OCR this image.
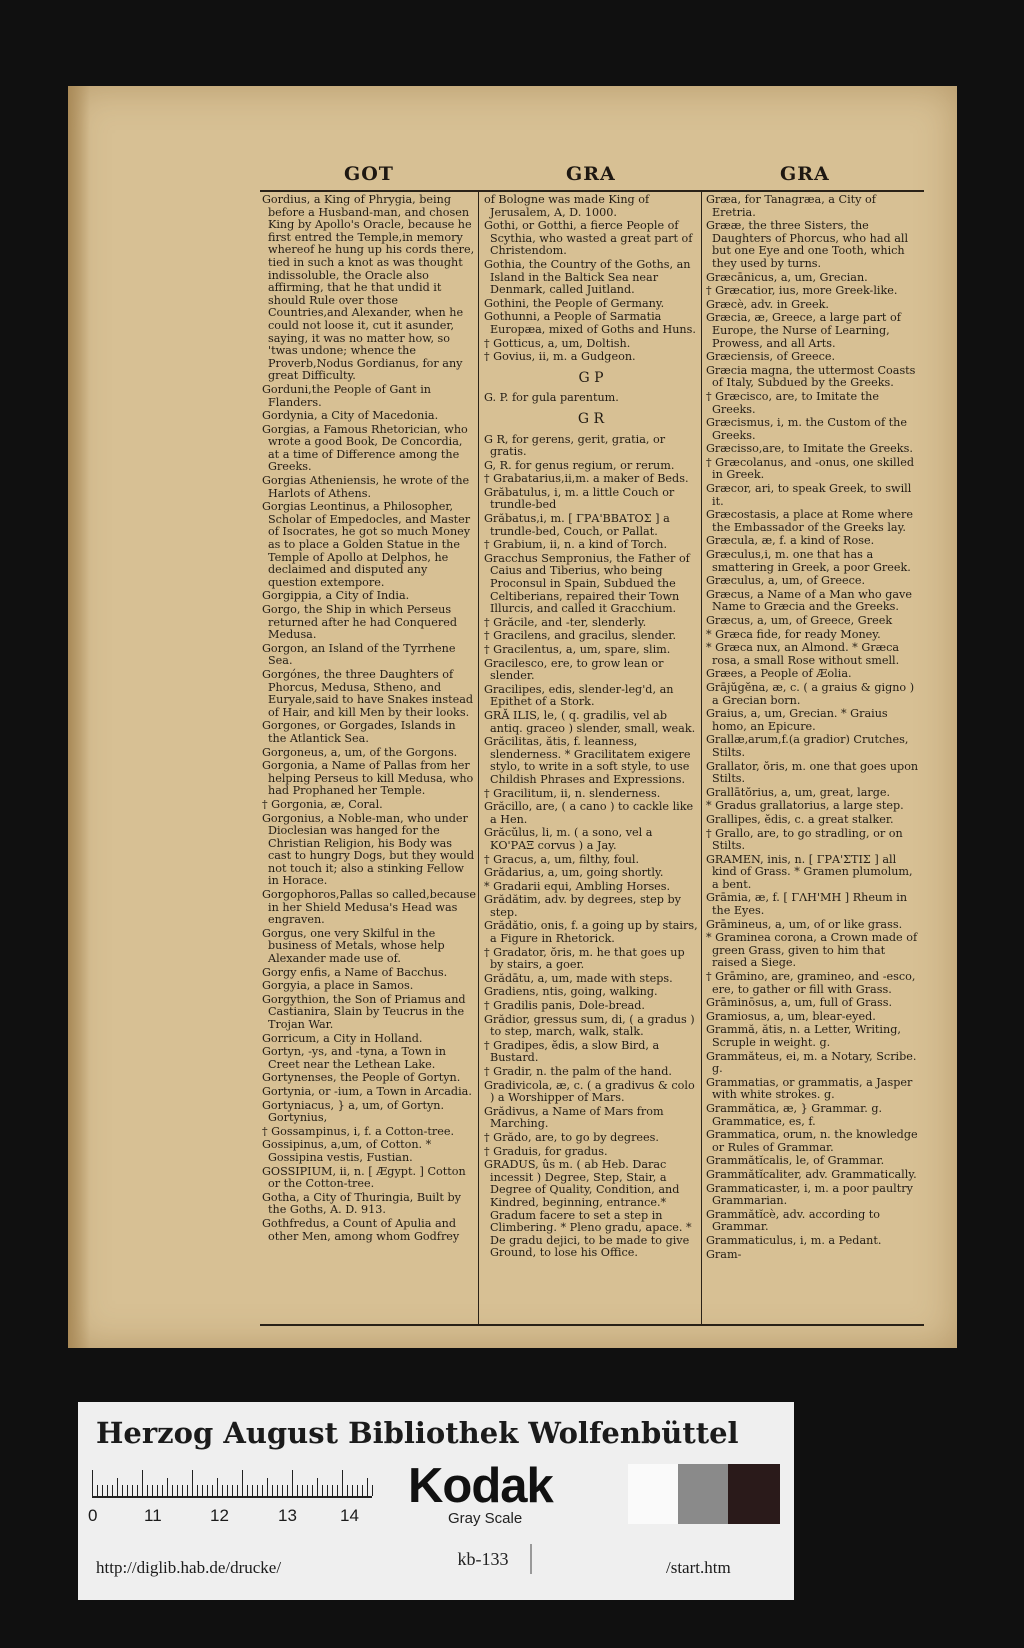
GOT	GRA	GRA

Gordius, a King of Phrygia, being before a Husband-man, and chosen King by Apollo's Oracle, because he first entred the Temple,in memory whereof he hung up his cords there, tied in such a knot as was thought indissoluble, the Oracle also affirming, that he that undid it should Rule over those Countries,and Alexander, when he could not loose it, cut it asunder, saying, it was no matter how, so 'twas undone; whence the Proverb,Nodus Gordianus, for any great Difficulty.

Gorduni,the People of Gant in Flanders.

Gordynia, a City of Macedonia.

Gorgias, a Famous Rhetorician, who wrote a good Book, De Concordia, at a time of Difference among the Greeks.

Gorgias Atheniensis, he wrote of the Harlots of Athens.

Gorgias Leontinus, a Philosopher, Scholar of Empedocles, and Master of Isocrates, he got so much Money as to place a Golden Statue in the Temple of Apollo at Delphos, he declaimed and disputed any question extempore.

Gorgippia, a City of India.

Gorgo, the Ship in which Perseus returned after he had Conquered Medusa.

Gorgon, an Island of the Tyrrhene Sea.

Gorgónes, the three Daughters of Phorcus, Medusa, Stheno, and Euryale,said to have Snakes instead of Hair, and kill Men by their looks.

Gorgones, or Gorgades, Islands in the Atlantick Sea.

Gorgoneus, a, um, of the Gorgons.

Gorgonia, a Name of Pallas from her helping Perseus to kill Medusa, who had Prophaned her Temple.

† Gorgonia, æ, Coral.

Gorgonius, a Noble-man, who under Dioclesian was hanged for the Christian Religion, his Body was cast to hungry Dogs, but they would not touch it; also a stinking Fellow in Horace.

Gorgophoros,Pallas so called,because in her Shield Medusa's Head was engraven.

Gorgus, one very Skilful in the business of Metals, whose help Alexander made use of.

Gorgy enfis, a Name of Bacchus.

Gorgyia, a place in Samos.

Gorgythion, the Son of Priamus and Castianira, Slain by Teucrus in the Trojan War.

Gorricum, a City in Holland.

Gortyn, -ys, and -tyna, a Town in Creet near the Lethean Lake.

Gortynenses, the People of Gortyn.

Gortynia, or -ium, a Town in Arcadia.

Gortyniacus, } a, um, of Gortyn. Gortynius,

† Gossampinus, i, f. a Cotton-tree.

Gossipinus, a,um, of Cotton. * Gossipina vestis, Fustian.

GOSSIPIUM, ii, n. [ Ægypt. ] Cotton or the Cotton-tree.

Gotha, a City of Thuringia, Built by the Goths, A. D. 913.

Gothfredus, a Count of Apulia and other Men, among whom Godfrey

of Bologne was made King of Jerusalem, A, D. 1000.

Gothi, or Gotthi, a fierce People of Scythia, who wasted a great part of Christendom.

Gothia, the Country of the Goths, an Island in the Baltick Sea near Denmark, called Juitland.

Gothini, the People of Germany.

Gothunni, a People of Sarmatia Europæa, mixed of Goths and Huns.

† Gotticus, a, um, Doltish.

† Govius, ii, m. a Gudgeon.

G P

G. P. for gula parentum.

G R

G R, for gerens, gerit, gratia, or gratis.

G, R. for genus regium, or rerum.

† Grabatarius,ii,m. a maker of Beds.

Grăbatulus, i, m. a little Couch or trundle-bed

Grăbatus,i, m. [ ΓΡΑ'ΒΒΑΤΟΣ ] a trundle-bed, Couch, or Pallat.

† Grabium, ii, n. a kind of Torch.

Gracchus Sempronius, the Father of Caius and Tiberius, who being Proconsul in Spain, Subdued the Celtiberians, repaired their Town Illurcis, and called it Gracchium.

† Grăcile, and -ter, slenderly.

† Gracilens, and gracilus, slender.

† Gracilentus, a, um, spare, slim.

Gracilesco, ere, to grow lean or slender.

Gracilipes, edis, slender-leg'd, an Epithet of a Stork.

GRĂ ILIS, le, ( q. gradilis, vel ab antiq. graceo ) slender, small, weak.

Grăcilitas, ătis, f. leanness, slenderness. * Gracilitatem exigere stylo, to write in a soft style, to use Childish Phrases and Expressions.

† Gracilitum, ii, n. slenderness.

Grăcillo, are, ( a cano ) to cackle like a Hen.

Grăcŭlus, li, m. ( a sono, vel a ΚΟ'ΡΑΞ corvus ) a Jay.

† Gracus, a, um, filthy, foul.

Grădarius, a, um, going shortly.

* Gradarii equi, Ambling Horses.

Grădătim, adv. by degrees, step by step.

Grădătio, onis, f. a going up by stairs, a Figure in Rhetorick.

† Gradator, ŏris, m. he that goes up by stairs, a goer.

Grădātu, a, um, made with steps.

Gradiens, ntis, going, walking.

† Gradilis panis, Dole-bread.

Grădior, gressus sum, di, ( a gradus ) to step, march, walk, stalk.

† Gradipes, ĕdis, a slow Bird, a Bustard.

† Gradir, n. the palm of the hand.

Gradivicola, æ, c. ( a gradivus & colo ) a Worshipper of Mars.

Grădivus, a Name of Mars from Marching.

† Grădo, are, to go by degrees.

† Graduis, for gradus.

GRADUS, ûs m. ( ab Heb. Darac incessit ) Degree, Step, Stair, a Degree of Quality, Condition, and Kindred, beginning, entrance.* Gradum facere to set a step in Climbering. * Pleno gradu, apace. * De gradu dejici, to be made to give Ground, to lose his Office.

Græa, for Tanagræa, a City of Eretria.

Grææ, the three Sisters, the Daughters of Phorcus, who had all but one Eye and one Tooth, which they used by turns.

Græcānicus, a, um, Grecian.

† Græcatior, ius, more Greek-like.

Græcè, adv. in Greek.

Græcia, æ, Greece, a large part of Europe, the Nurse of Learning, Prowess, and all Arts.

Græciensis, of Greece.

Græcia magna, the uttermost Coasts of Italy, Subdued by the Greeks.

† Græcisco, are, to Imitate the Greeks.

Græcismus, i, m. the Custom of the Greeks.

Græcisso,are, to Imitate the Greeks.

† Græcolanus, and -onus, one skilled in Greek.

Græcor, ari, to speak Greek, to swill it.

Græcostasis, a place at Rome where the Embassador of the Greeks lay.

Græcula, æ, f. a kind of Rose.

Græculus,i, m. one that has a smattering in Greek, a poor Greek.

Græculus, a, um, of Greece.

Græcus, a Name of a Man who gave Name to Græcia and the Greeks.

Græcus, a, um, of Greece, Greek

* Græca fide, for ready Money.

* Græca nux, an Almond. * Græca rosa, a small Rose without smell.

Græes, a People of Æolia.

Grājŭgĕna, æ, c. ( a graius & gigno ) a Grecian born.

Graius, a, um, Grecian. * Graius homo, an Epicure.

Grallæ,arum,f.(a gradior) Crutches, Stilts.

Grallator, ŏris, m. one that goes upon Stilts.

Grallātŏrius, a, um, great, large.

* Gradus grallatorius, a large step.

Grallipes, ĕdis, c. a great stalker.

† Grallo, are, to go stradling, or on Stilts.

GRAMEN, inis, n. [ ΓΡΑ'ΣΤΙΣ ] all kind of Grass. * Gramen plumolum, a bent.

Grāmia, æ, f. [ ΓΛΗ'ΜΗ ] Rheum in the Eyes.

Grāmineus, a, um, of or like grass.

* Graminea corona, a Crown made of green Grass, given to him that raised a Siege.

† Grāmino, are, gramineo, and -esco, ere, to gather or fill with Grass.

Grāminōsus, a, um, full of Grass.

Gramiosus, a, um, blear-eyed.

Grammă, ătis, n. a Letter, Writing, Scruple in weight. g.

Grammăteus, ei, m. a Notary, Scribe. g.

Grammatias, or grammatis, a Jasper with white strokes. g.

Grammătica, æ, } Grammar. g. Grammatice, es, f.

Grammatica, orum, n. the knowledge or Rules of Grammar.

Grammătĭcalis, le, of Grammar.

Grammătĭcaliter, adv. Grammatically.

Grammaticaster, i, m. a poor paultry Grammarian.

Grammătĭcè, adv. according to Grammar.

Grammaticulus, i, m. a Pedant.

Gram-

Herzog August Bibliothek Wolfenbüttel
0	11	12	13	14
Kodak
Gray Scale
http://diglib.hab.de/drucke/	kb-133	/start.htm
